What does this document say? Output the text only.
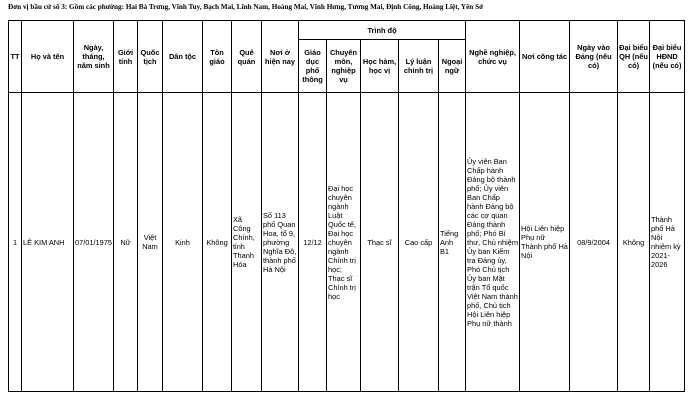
Đơn vị bầu cử số 3: Gồm các phường: Hai Bà Trưng, Vĩnh Tuy, Bạch Mai, Lĩnh Nam, Hoàng Mai, Vĩnh Hưng, Tương Mai, Định Công, Hoàng Liệt, Yên Sở
TT	Họ và tên	Ngày, tháng, năm sinh	Giới tính	Quốc tịch	Dân tộc	Tôn giáo	Quê quán	Nơi ở hiện nay	Trình độ					Nghề nghiệp, chức vụ	Nơi công tác	Ngày vào Đảng (nếu có)	Đại biểu QH (nếu có)	Đại biểu HĐND (nếu có)
									Giáo dục phổ thông	Chuyên môn, nghiệp vụ	Học hàm, học vị	Lý luận chính trị	Ngoại ngữ					
1	LÊ KIM ANH	07/01/1975	Nữ	Việt Nam	Kinh	Không	Xã Công Chính, tỉnh Thanh Hóa	Số 113 phố Quan Hoa, tổ 9, phường Nghĩa Đô, thành phố Hà Nội	12/12	Đại học chuyên ngành Luật Quốc tế, Đại học chuyên ngành Chính trị học; Thạc sĩ Chính trị học	Thạc sĩ	Cao cấp	Tiếng Anh B1	Ủy viên Ban Chấp hành Đảng bộ thành phố; Ủy viên Ban Chấp hành Đảng bộ các cơ quan Đảng thành phố; Phó Bí thư, Chủ nhiệm Ủy ban Kiểm tra Đảng ủy, Phó Chủ tịch Ủy ban Mặt trận Tổ quốc Việt Nam thành phố, Chủ tịch Hội Liên hiệp Phụ nữ thành	Hội Liên hiệp Phụ nữ Thành phố Hà Nội	08/9/2004	Không	Thành phố Hà Nội nhiệm kỳ 2021-2026
